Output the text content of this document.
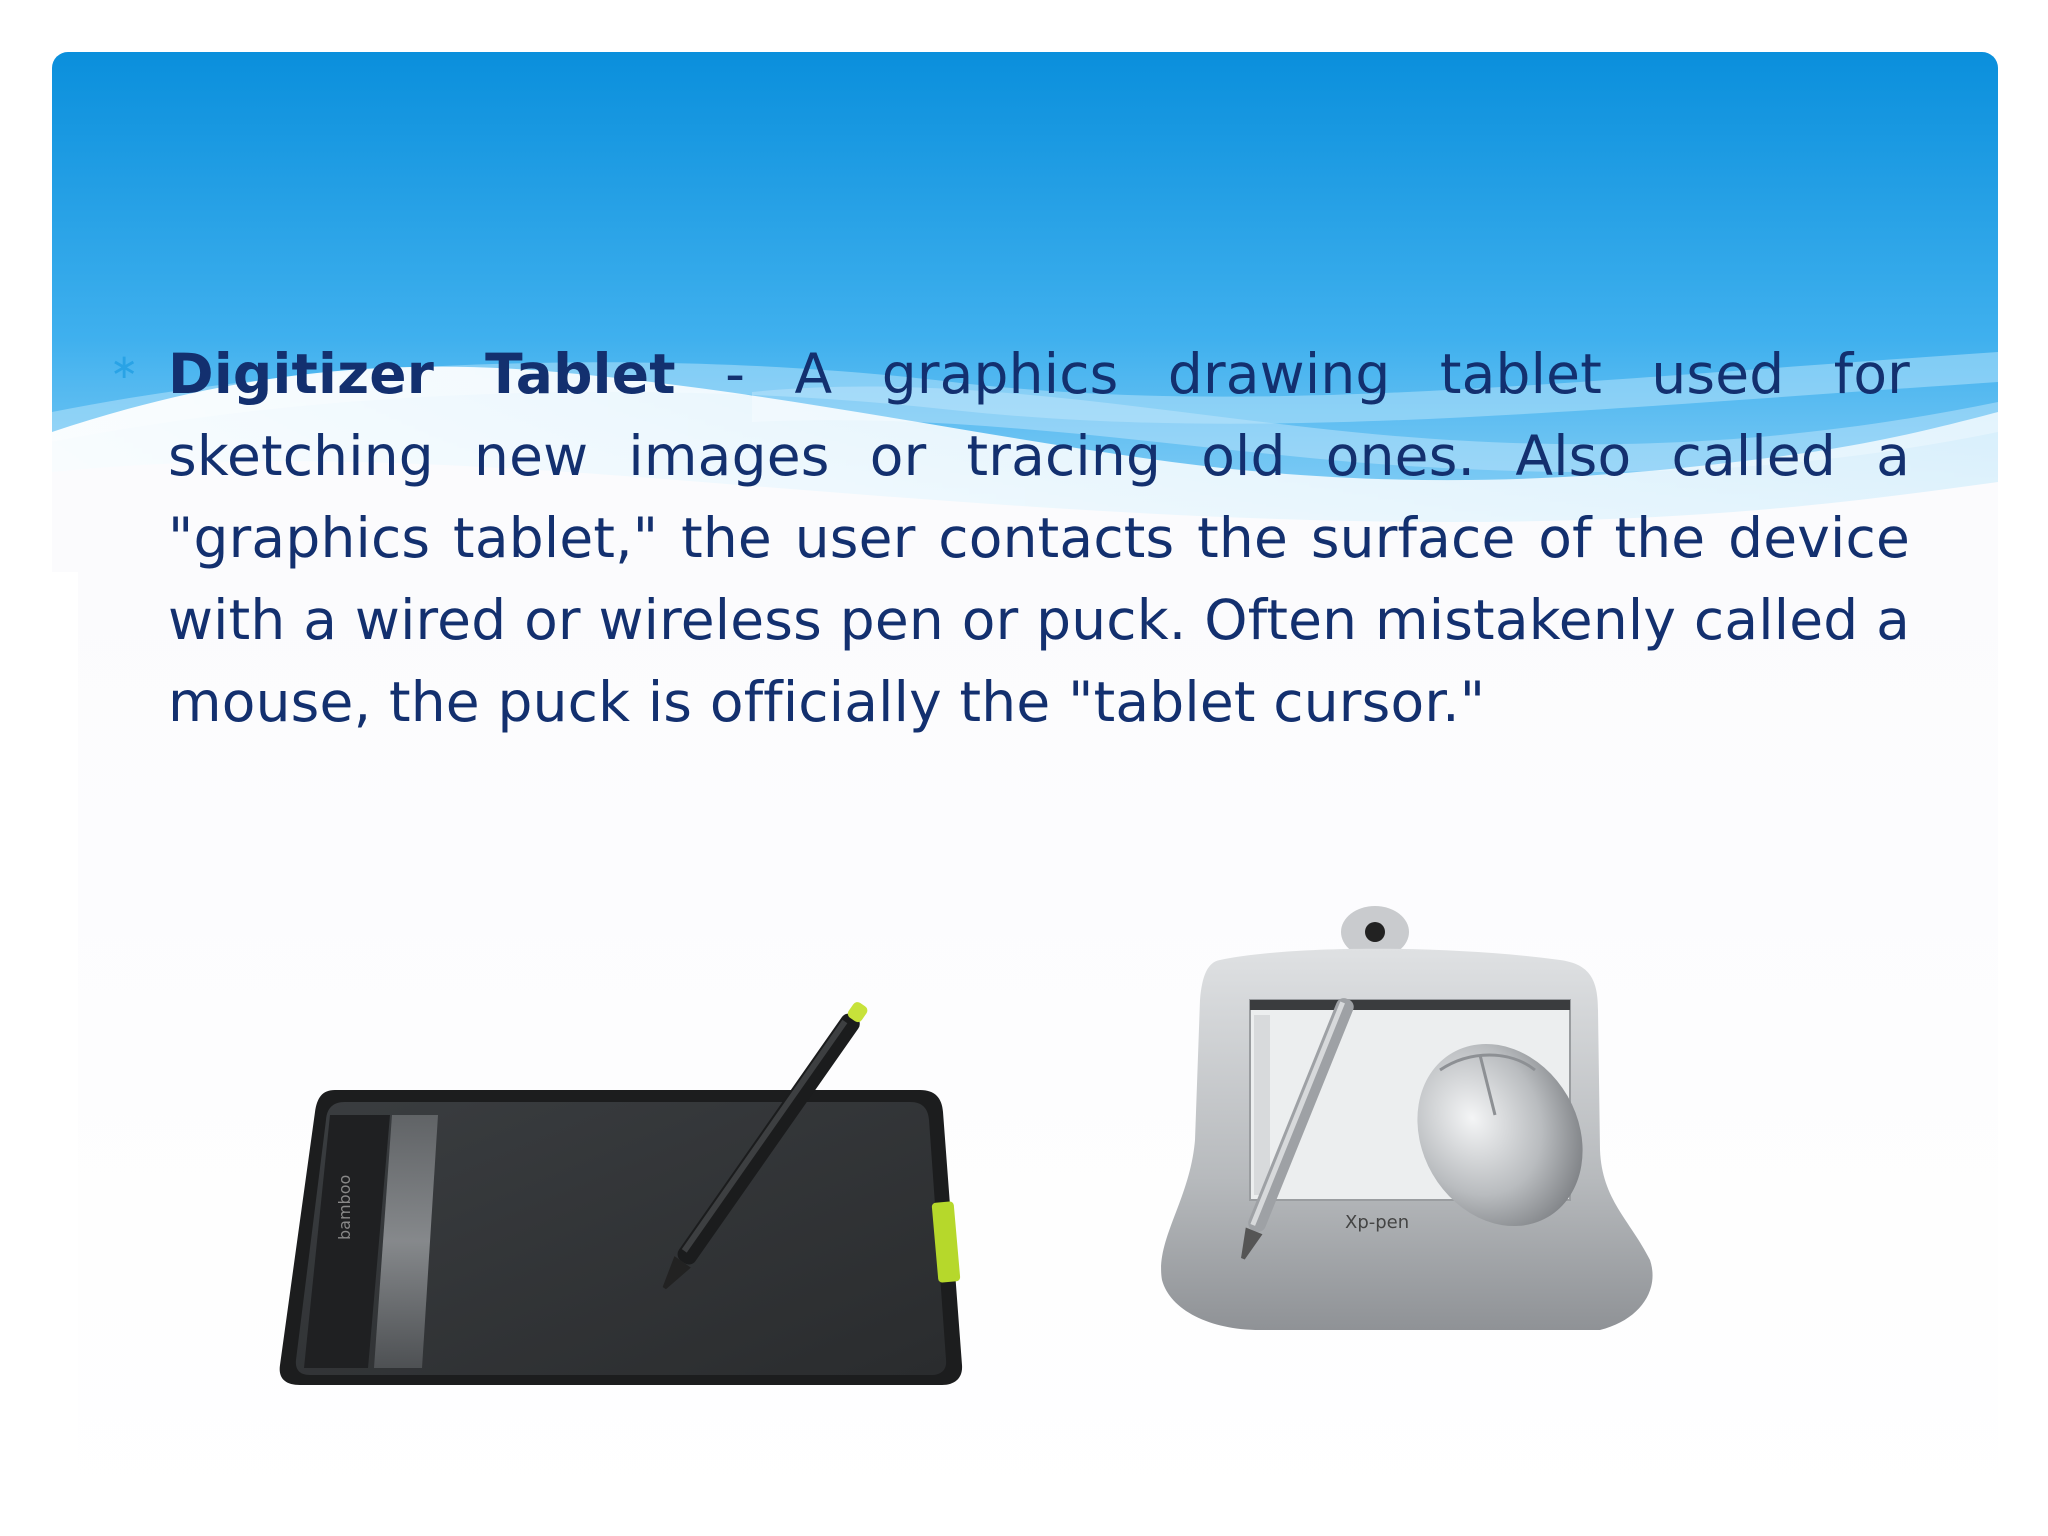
∗ Digitizer Tablet - A graphics drawing tablet used for sketching new images or tracing old ones. Also called a "graphics tablet," the user contacts the surface of the device with a wired or wireless pen or puck. Often mistakenly called a mouse, the puck is officially the "tablet cursor."
bamboo	Xp-pen
